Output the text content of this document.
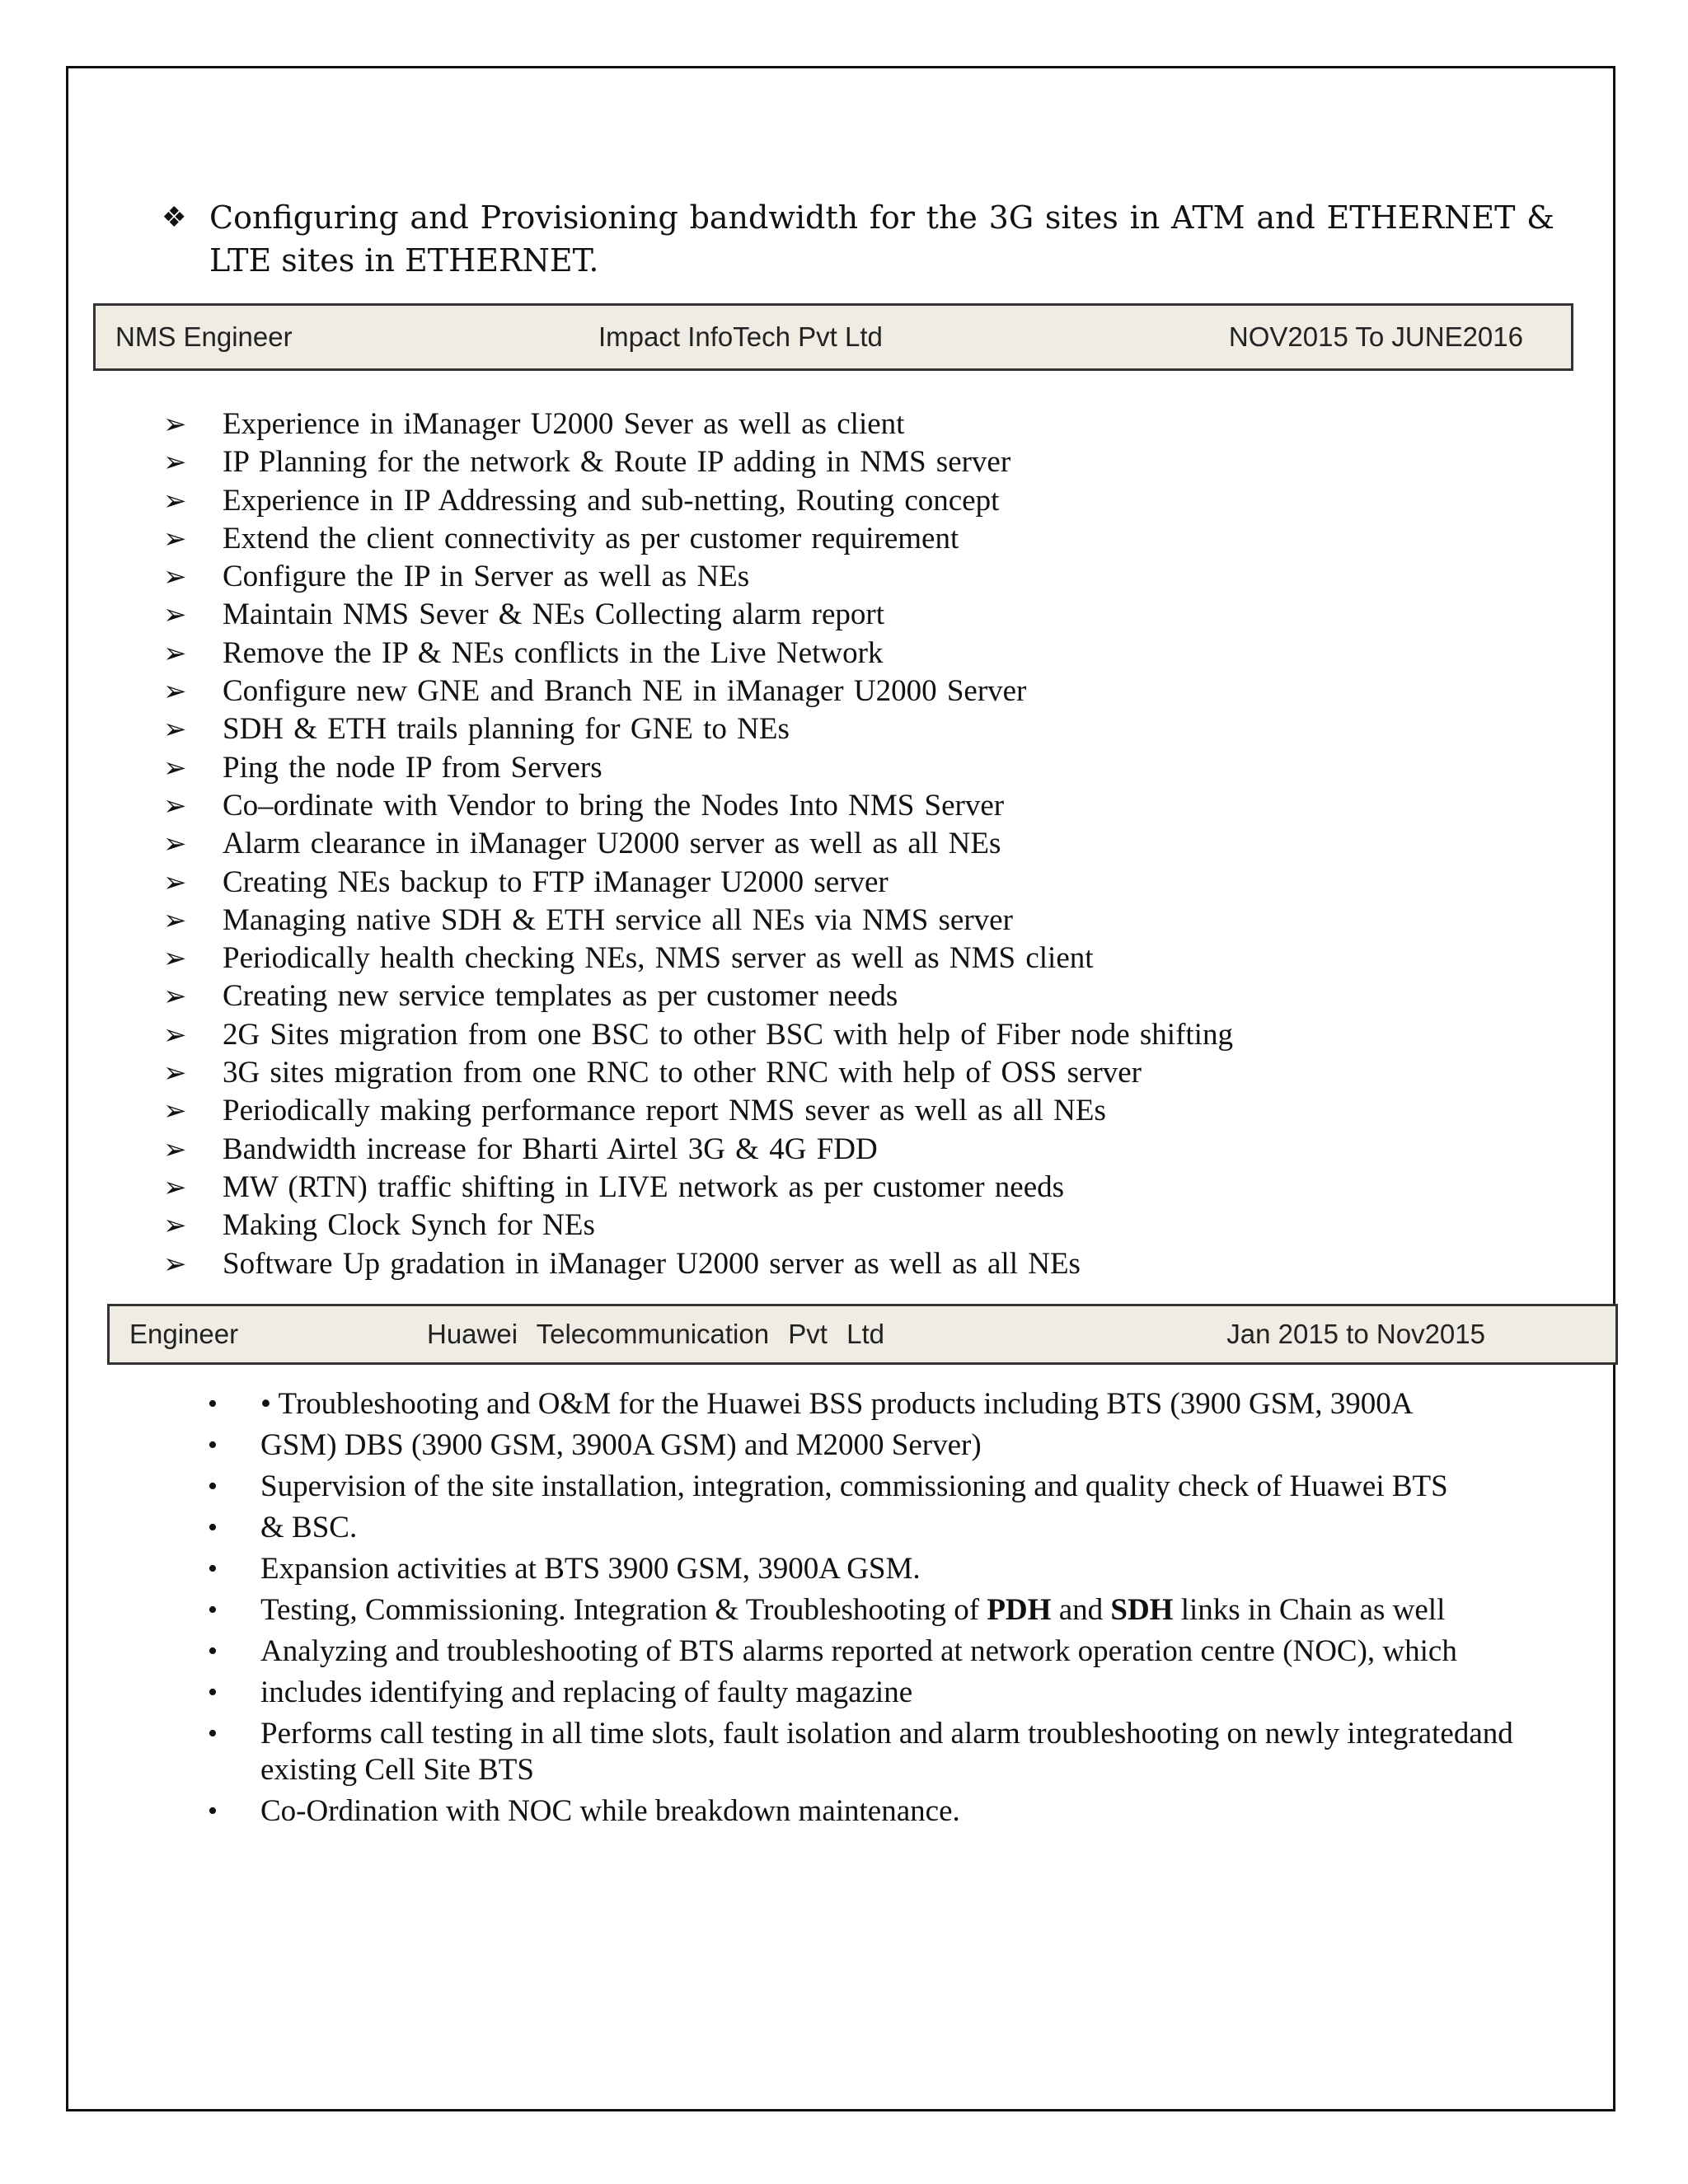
❖ Configuring and Provisioning bandwidth for the 3G sites in ATM and ETHERNET & LTE sites in ETHERNET.
NMS Engineer	Impact InfoTech Pvt Ltd	NOV2015 To JUNE2016
➢ Experience in iManager U2000 Sever as well as client
➢ IP Planning for the network & Route IP adding in NMS server
➢ Experience in IP Addressing and sub-netting, Routing concept
➢ Extend the client connectivity as per customer requirement
➢ Configure the IP in Server as well as NEs
➢ Maintain NMS Sever & NEs Collecting alarm report
➢ Remove the IP & NEs conflicts in the Live Network
➢ Configure new GNE and Branch NE in iManager U2000 Server
➢ SDH & ETH trails planning for GNE to NEs
➢ Ping the node IP from Servers
➢ Co–ordinate with Vendor to bring the Nodes Into NMS Server
➢ Alarm clearance in iManager U2000 server as well as all NEs
➢ Creating NEs backup to FTP iManager U2000 server
➢ Managing native SDH & ETH service all NEs via NMS server
➢ Periodically health checking NEs, NMS server as well as NMS client
➢ Creating new service templates as per customer needs
➢ 2G Sites migration from one BSC to other BSC with help of Fiber node shifting
➢ 3G sites migration from one RNC to other RNC with help of OSS server
➢ Periodically making performance report NMS sever as well as all NEs
➢ Bandwidth increase for Bharti Airtel 3G & 4G FDD
➢ MW (RTN) traffic shifting in LIVE network as per customer needs
➢ Making Clock Synch for NEs
➢ Software Up gradation in iManager U2000 server as well as all NEs
Engineer	Huawei Telecommunication Pvt Ltd	Jan 2015 to Nov2015
• • Troubleshooting and O&M for the Huawei BSS products including BTS (3900 GSM, 3900A
• GSM) DBS (3900 GSM, 3900A GSM) and M2000 Server)
• Supervision of the site installation, integration, commissioning and quality check of Huawei BTS
• & BSC.
• Expansion activities at BTS 3900 GSM, 3900A GSM.
• Testing, Commissioning. Integration & Troubleshooting of PDH and SDH links in Chain as well
• Analyzing and troubleshooting of BTS alarms reported at network operation centre (NOC), which
• includes identifying and replacing of faulty magazine
• Performs call testing in all time slots, fault isolation and alarm troubleshooting on newly integratedand existing Cell Site BTS
• Co-Ordination with NOC while breakdown maintenance.
